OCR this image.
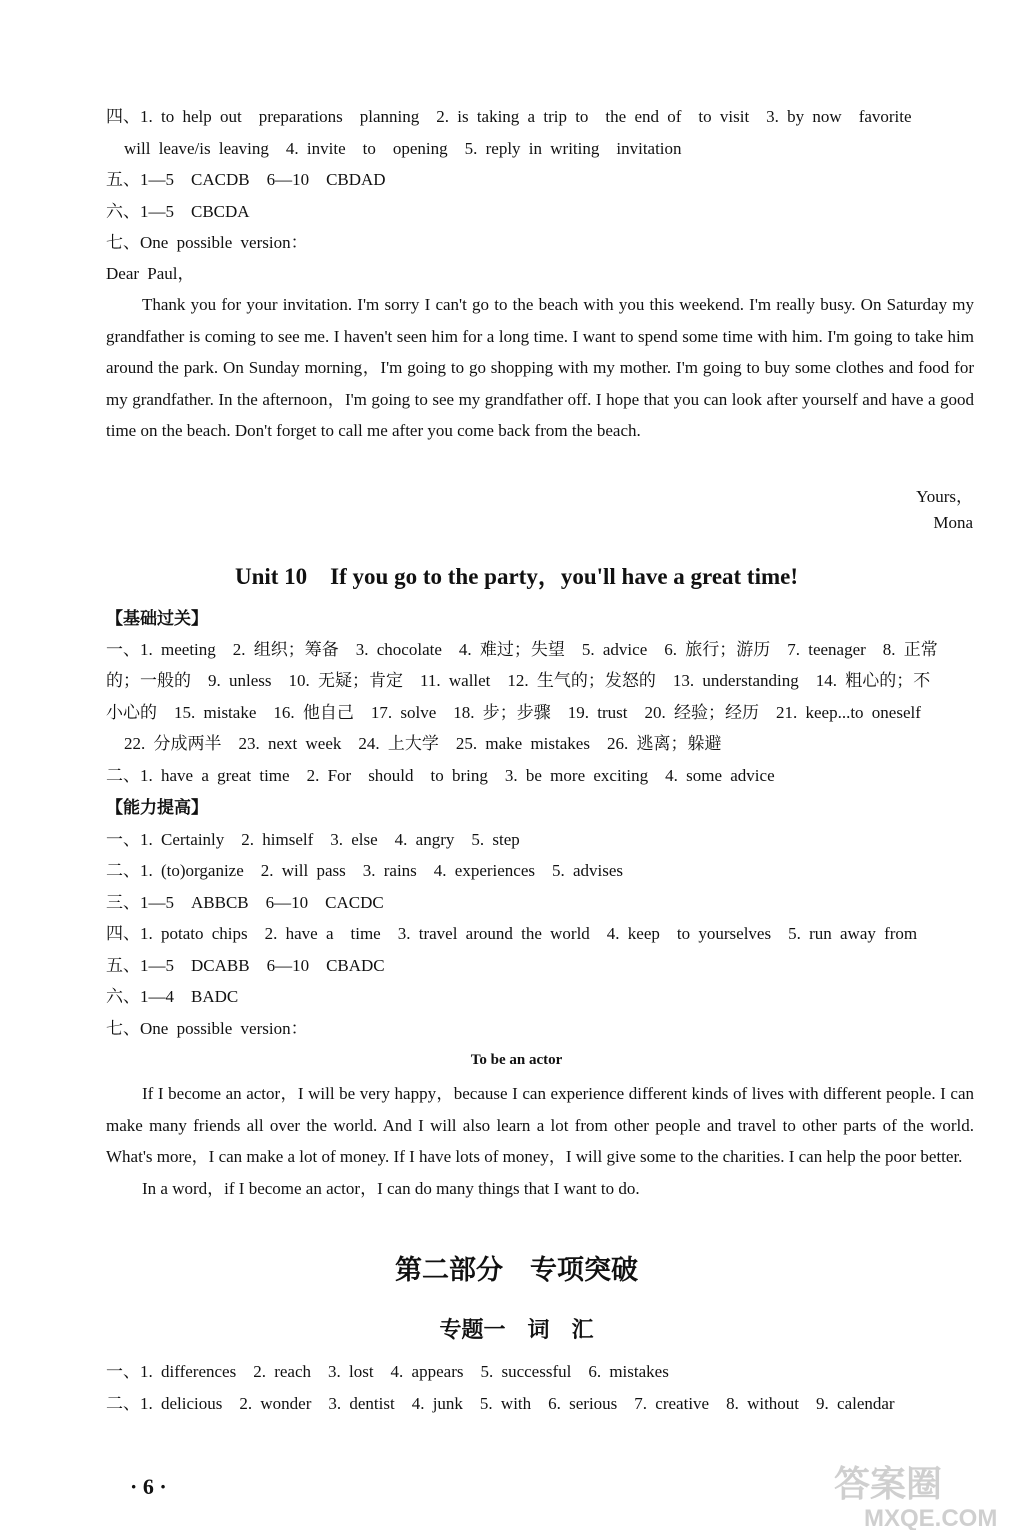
四、1. to help out　preparations　planning　2. is taking a trip to　the end of　to visit　3. by now　favorite
will leave/is leaving　4. invite　to　opening　5. reply in writing　invitation
五、1—5　CACDB　6—10　CBDAD
六、1—5　CBCDA
七、One possible version：
Dear Paul，

Thank you for your invitation. I'm sorry I can't go to the beach with you this weekend. I'm really busy. On Saturday my grandfather is coming to see me. I haven't seen him for a long time. I want to spend some time with him. I'm going to take him around the park. On Sunday morning，I'm going to go shopping with my mother. I'm going to buy some clothes and food for my grandfather. In the afternoon，I'm going to see my grandfather off. I hope that you can look after yourself and have a good time on the beach. Don't forget to call me after you come back from the beach.

Yours，
Mona
Unit 10　If you go to the party，you'll have a great time!
【基础过关】
一、1. meeting　2. 组织；筹备　3. chocolate　4. 难过；失望　5. advice　6. 旅行；游历　7. teenager　8. 正常
的；一般的　9. unless　10. 无疑；肯定　11. wallet　12. 生气的；发怒的　13. understanding　14. 粗心的；不
小心的　15. mistake　16. 他自己　17. solve　18. 步；步骤　19. trust　20. 经验；经历　21. keep...to oneself
22. 分成两半　23. next week　24. 上大学　25. make mistakes　26. 逃离；躲避
二、1. have a great time　2. For　should　to bring　3. be more exciting　4. some advice
【能力提高】
一、1. Certainly　2. himself　3. else　4. angry　5. step
二、1. (to)organize　2. will pass　3. rains　4. experiences　5. advises
三、1—5　ABBCB　6—10　CACDC
四、1. potato chips　2. have a　time　3. travel around the world　4. keep　to yourselves　5. run away from
五、1—5　DCABB　6—10　CBADC
六、1—4　BADC
七、One possible version：
To be an actor

If I become an actor，I will be very happy，because I can experience different kinds of lives with different people. I can make many friends all over the world. And I will also learn a lot from other people and travel to other parts of the world. What's more，I can make a lot of money. If I have lots of money，I will give some to the charities. I can help the poor better.

In a word，if I become an actor，I can do many things that I want to do.

第二部分　专项突破
专题一　词　汇
一、1. differences　2. reach　3. lost　4. appears　5. successful　6. mistakes
二、1. delicious　2. wonder　3. dentist　4. junk　5. with　6. serious　7. creative　8. without　9. calendar
· 6 ·	答案圈
MXQE.COM
